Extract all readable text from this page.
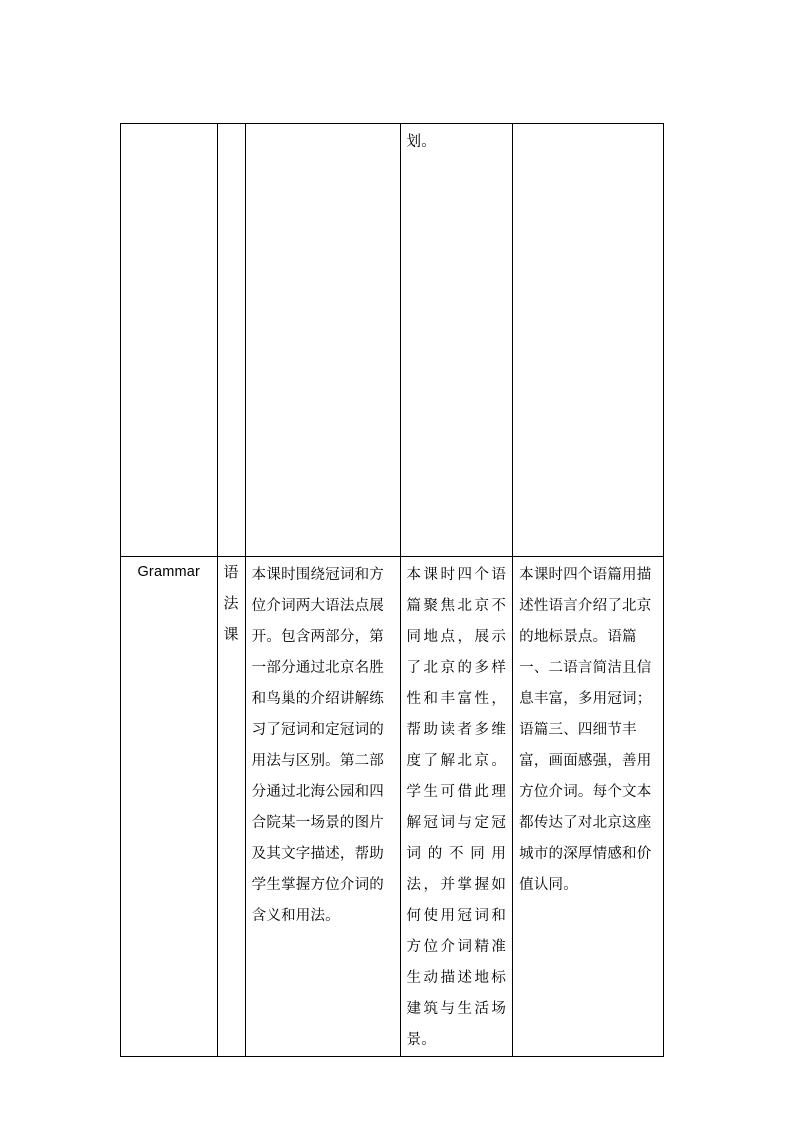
			划。	

Grammar	语法课	本课时围绕冠词和方位介词两大语法点展开。包含两部分，第一部分通过北京名胜和鸟巢的介绍讲解练习了冠词和定冠词的用法与区别。第二部分通过北海公园和四合院某一场景的图片及其文字描述，帮助学生掌握方位介词的含义和用法。	本课时四个语篇聚焦北京不同地点，展示了北京的多样性和丰富性，帮助读者多维度了解北京。学生可借此理解冠词与定冠词的不同用法，并掌握如何使用冠词和方位介词精准生动描述地标建筑与生活场景。	本课时四个语篇用描述性语言介绍了北京的地标景点。语篇一、二语言简洁且信息丰富，多用冠词；语篇三、四细节丰富，画面感强，善用方位介词。每个文本都传达了对北京这座城市的深厚情感和价值认同。
